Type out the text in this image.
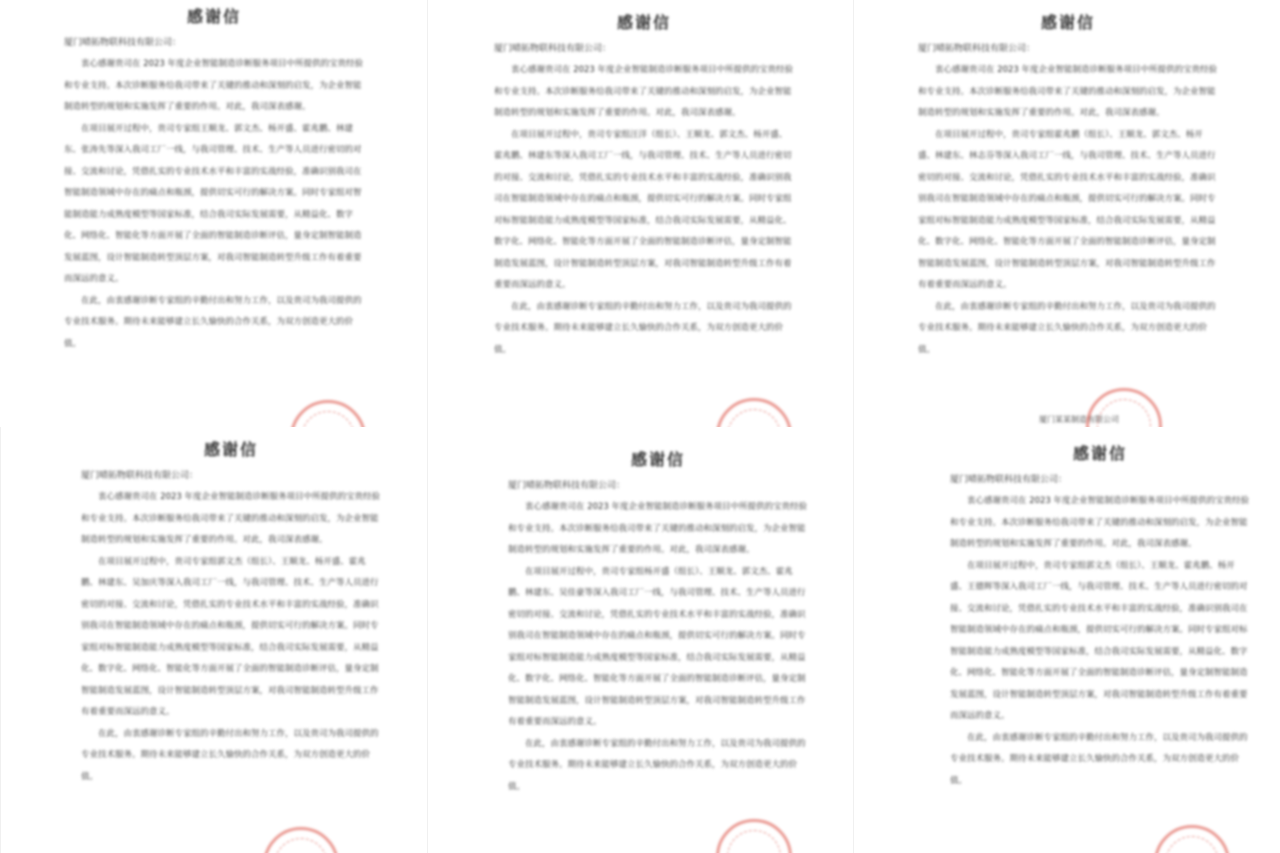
感谢信
厦门晴拓物联科技有限公司：

衷心感谢贵司在 2023 年度企业智能制造诊断服务项目中所提供的宝贵经验和专业支持。本次诊断服务给我司带来了关键的推动和深刻的启发，为企业智能制造转型的规划和实施发挥了重要的作用。对此，我司深表感谢。

在项目展开过程中，贵司专家组王顺龙、郭文杰、杨开盛、霍兆鹏、林建东、张涛先等深入我司工厂一线，与我司管理、技术、生产等人员进行密切的对接、交流和讨论，凭借扎实的专业技术水平和丰富的实战经验，准确识别我司在智能制造领域中存在的痛点和瓶颈，提供切实可行的解决方案。同时专家组对智能制造能力成熟度模型等国家标准，结合我司实际发展需要，从精益化、数字化、网络化、智能化等方面开展了全面的智能制造诊断评估，量身定制智能制造发展蓝图，设计智能制造转型顶层方案，对我司智能制造转型升级工作有着重要而深远的意义。

在此，由衷感谢诊断专家组的辛勤付出和努力工作，以及贵司为我司提供的专业技术服务。期待未来能够建立长久愉快的合作关系，为双方创造更大的价值。

感谢信
厦门晴拓物联科技有限公司：

衷心感谢贵司在 2023 年度企业智能制造诊断服务项目中所提供的宝贵经验和专业支持。本次诊断服务给我司带来了关键的推动和深刻的启发，为企业智能制造转型的规划和实施发挥了重要的作用。对此，我司深表感谢。

在项目展开过程中，贵司专家组汪洋（组长）、王顺龙、郭文杰、杨开盛、霍兆鹏、林建东等深入我司工厂一线，与我司管理、技术、生产等人员进行密切的对接、交流和讨论，凭借扎实的专业技术水平和丰富的实战经验，准确识别我司在智能制造领域中存在的痛点和瓶颈，提供切实可行的解决方案。同时专家组对标智能制造能力成熟度模型等国家标准，结合我司实际发展需要，从精益化、数字化、网络化、智能化等方面开展了全面的智能制造诊断评估，量身定制智能制造发展蓝图，设计智能制造转型顶层方案，对我司智能制造转型升级工作有着重要而深远的意义。

在此，由衷感谢诊断专家组的辛勤付出和努力工作，以及贵司为我司提供的专业技术服务。期待未来能够建立长久愉快的合作关系，为双方创造更大的价值。

感谢信
厦门晴拓物联科技有限公司：

衷心感谢贵司在 2023 年度企业智能制造诊断服务项目中所提供的宝贵经验和专业支持。本次诊断服务给我司带来了关键的推动和深刻的启发，为企业智能制造转型的规划和实施发挥了重要的作用。对此，我司深表感谢。

在项目展开过程中，贵司专家组霍兆鹏（组长）、王顺龙、郭文杰、杨开盛、林建东、林志芬等深入我司工厂一线，与我司管理、技术、生产等人员进行密切的对接、交流和讨论，凭借扎实的专业技术水平和丰富的实战经验，准确识别我司在智能制造领域中存在的痛点和瓶颈，提供切实可行的解决方案。同时专家组对标智能制造能力成熟度模型等国家标准，结合我司实际发展需要，从精益化、数字化、网络化、智能化等方面开展了全面的智能制造诊断评估，量身定制智能制造发展蓝图，设计智能制造转型顶层方案，对我司智能制造转型升级工作有着重要而深远的意义。

在此，由衷感谢诊断专家组的辛勤付出和努力工作，以及贵司为我司提供的专业技术服务。期待未来能够建立长久愉快的合作关系，为双方创造更大的价值。

厦门某某制造有限公司
感谢信
厦门晴拓物联科技有限公司：

衷心感谢贵司在 2023 年度企业智能制造诊断服务项目中所提供的宝贵经验和专业支持。本次诊断服务给我司带来了关键的推动和深刻的启发，为企业智能制造转型的规划和实施发挥了重要的作用。对此，我司深表感谢。

在项目展开过程中，贵司专家组郭文杰（组长）、王顺龙、杨开盛、霍兆鹏、林建东、吴加庆等深入我司工厂一线，与我司管理、技术、生产等人员进行密切的对接、交流和讨论，凭借扎实的专业技术水平和丰富的实战经验，准确识别我司在智能制造领域中存在的痛点和瓶颈，提供切实可行的解决方案。同时专家组对标智能制造能力成熟度模型等国家标准，结合我司实际发展需要，从精益化、数字化、网络化、智能化等方面开展了全面的智能制造诊断评估，量身定制智能制造发展蓝图，设计智能制造转型顶层方案，对我司智能制造转型升级工作有着重要而深远的意义。

在此，由衷感谢诊断专家组的辛勤付出和努力工作，以及贵司为我司提供的专业技术服务。期待未来能够建立长久愉快的合作关系，为双方创造更大的价值。

感谢信
厦门晴拓物联科技有限公司：

衷心感谢贵司在 2023 年度企业智能制造诊断服务项目中所提供的宝贵经验和专业支持。本次诊断服务给我司带来了关键的推动和深刻的启发，为企业智能制造转型的规划和实施发挥了重要的作用。对此，我司深表感谢。

在项目展开过程中，贵司专家组杨开盛（组长）、王顺龙、郭文杰、霍兆鹏、林建东、吴佳豪等深入我司工厂一线，与我司管理、技术、生产等人员进行密切的对接、交流和讨论，凭借扎实的专业技术水平和丰富的实战经验，准确识别我司在智能制造领域中存在的痛点和瓶颈，提供切实可行的解决方案。同时专家组对标智能制造能力成熟度模型等国家标准，结合我司实际发展需要，从精益化、数字化、网络化、智能化等方面开展了全面的智能制造诊断评估，量身定制智能制造发展蓝图，设计智能制造转型顶层方案，对我司智能制造转型升级工作有着重要而深远的意义。

在此，由衷感谢诊断专家组的辛勤付出和努力工作，以及贵司为我司提供的专业技术服务。期待未来能够建立长久愉快的合作关系，为双方创造更大的价值。

感谢信
厦门晴拓物联科技有限公司：

衷心感谢贵司在 2023 年度企业智能制造诊断服务项目中所提供的宝贵经验和专业支持。本次诊断服务给我司带来了关键的推动和深刻的启发，为企业智能制造转型的规划和实施发挥了重要的作用。对此，我司深表感谢。

在项目展开过程中，贵司专家组郭文杰（组长）、王顺龙、霍兆鹏、杨开盛、王德辉等深入我司工厂一线，与我司管理、技术、生产等人员进行密切的对接、交流和讨论，凭借扎实的专业技术水平和丰富的实战经验，准确识别我司在智能制造领域中存在的痛点和瓶颈，提供切实可行的解决方案。同时专家组对标智能制造能力成熟度模型等国家标准，结合我司实际发展需要，从精益化、数字化、网络化、智能化等方面开展了全面的智能制造诊断评估，量身定制智能制造发展蓝图，设计智能制造转型顶层方案，对我司智能制造转型升级工作有着重要而深远的意义。

在此，由衷感谢诊断专家组的辛勤付出和努力工作，以及贵司为我司提供的专业技术服务。期待未来能够建立长久愉快的合作关系，为双方创造更大的价值。
